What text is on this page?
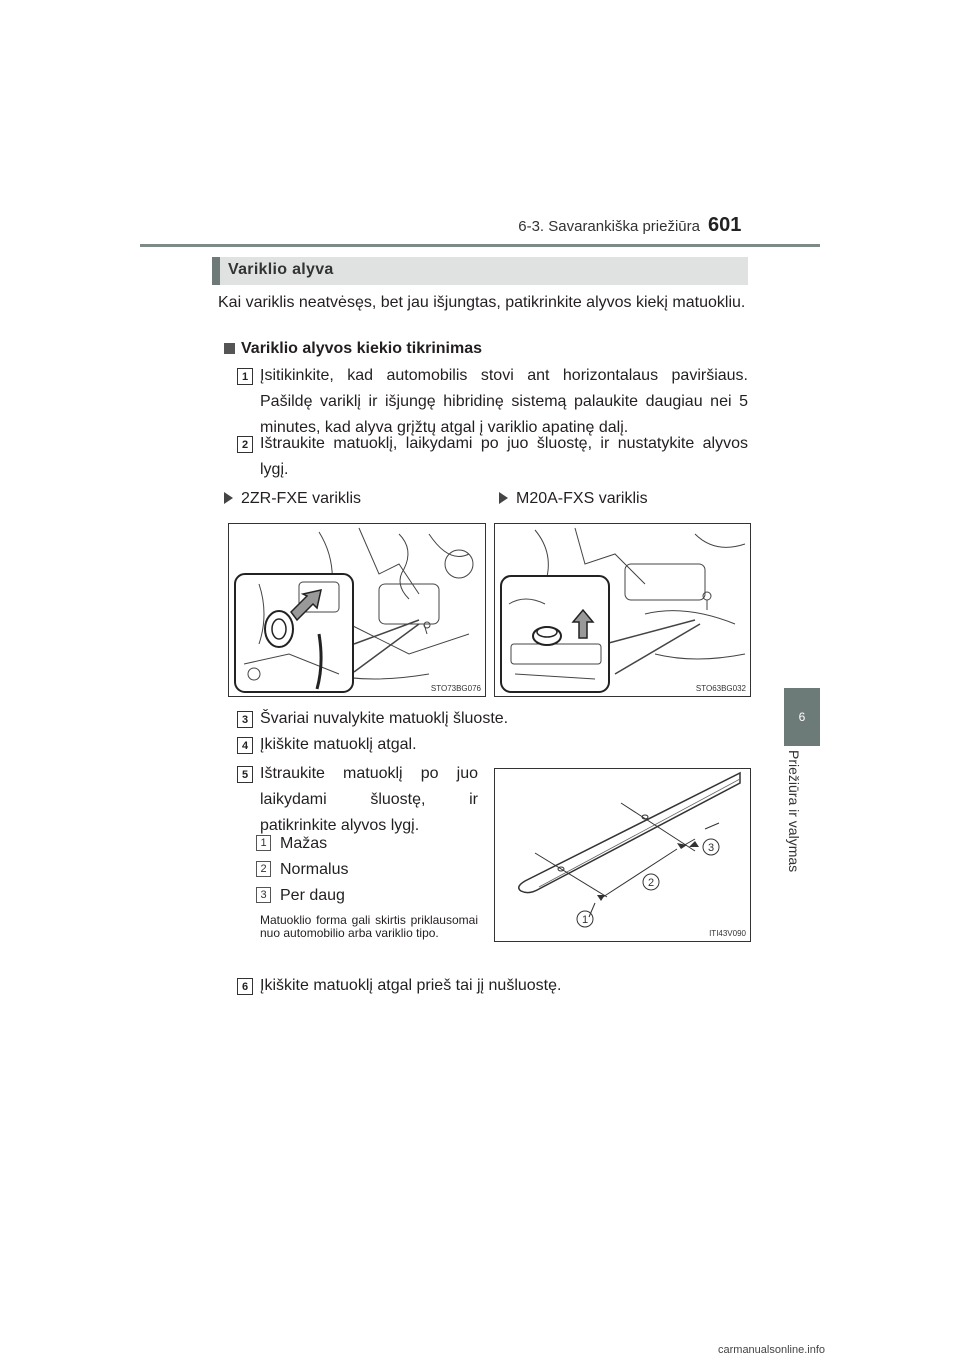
6-3. Savarankiška priežiūra 601
6
Priežiūra ir valymas
Variklio alyva
Kai variklis neatvėsęs, bet jau išjungtas, patikrinkite alyvos kiekį matuokliu.
Variklio alyvos kiekio tikrinimas
1 Įsitikinkite, kad automobilis stovi ant horizontalaus paviršiaus. Pašildę variklį ir išjungę hibridinę sistemą palaukite daugiau nei 5 minutes, kad alyva grįžtų atgal į variklio apatinę dalį.
2 Ištraukite matuoklį, laikydami po juo šluostę, ir nustatykite alyvos lygį.
2ZR-FXE variklis	M20A-FXS variklis
STO73BG076	STO63BG032
3 Švariai nuvalykite matuoklį šluoste.
4 Įkiškite matuoklį atgal.
5 Ištraukite matuoklį po juo laikydami šluostę, ir patikrinkite alyvos lygį.
1 Mažas
2 Normalus
3 Per daug
Matuoklio forma gali skirtis priklausomai nuo automobilio arba variklio tipo.
1
2
3
ITI43V090
6 Įkiškite matuoklį atgal prieš tai jį nušluostę.
carmanualsonline.info
